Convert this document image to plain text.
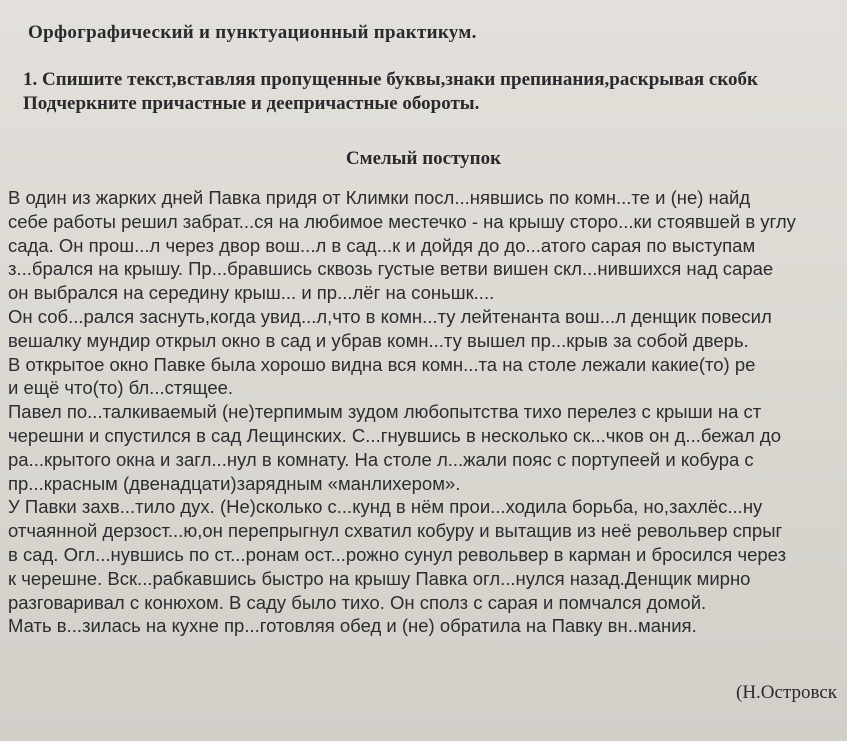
Орфографический и пунктуационный практикум.
1. Спишите текст,вставляя пропущенные буквы,знаки препинания,раскрывая скобк
Подчеркните причастные и деепричастные обороты.
Смелый поступок
В один из жарких дней Павка придя от Климки посл...нявшись по комн...те и (не) найд
себе работы решил забрат...ся на любимое местечко - на крышу сторо...ки стоявшей в углу
сада. Он прош...л через двор вош...л в сад...к и дойдя до до...атого сарая по выступам
з...брался на крышу. Пр...бравшись сквозь густые ветви вишен скл...нившихся над сарае
он выбрался на середину крыш... и пр...лёг на соньшк....
Он соб...рался заснуть,когда увид...л,что в комн...ту лейтенанта вош...л денщик повесил
вешалку мундир открыл окно в сад и убрав комн...ту вышел пр...крыв за собой дверь.
В открытое окно Павке была хорошо видна вся комн...та на столе лежали какие(то) ре
и ещё что(то) бл...стящее.
Павел по...талкиваемый (не)терпимым зудом любопытства тихо перелез с крыши на ст
черешни и спустился в сад Лещинских. С...гнувшись в несколько ск...чков он д...бежал до
ра...крытого окна и загл...нул в комнату. На столе л...жали пояс с портупеей и кобура с
пр...красным (двенадцати)зарядным «манлихером».
У Павки захв...тило дух. (Не)сколько с...кунд в нём прои...ходила борьба, но,захлёс...ну
отчаянной дерзост...ю,он перепрыгнул схватил кобуру и вытащив из неё револьвер спрыг
в сад. Огл...нувшись по ст...ронам ост...рожно сунул револьвер в карман и бросился через
к черешне. Вск...рабкавшись быстро на крышу Павка огл...нулся назад.Денщик мирно
разговаривал с конюхом. В саду было тихо. Он сполз с сарая и помчался домой.
Мать в...зилась на кухне пр...готовляя обед и (не) обратила на Павку вн..мания.
(Н.Островск
